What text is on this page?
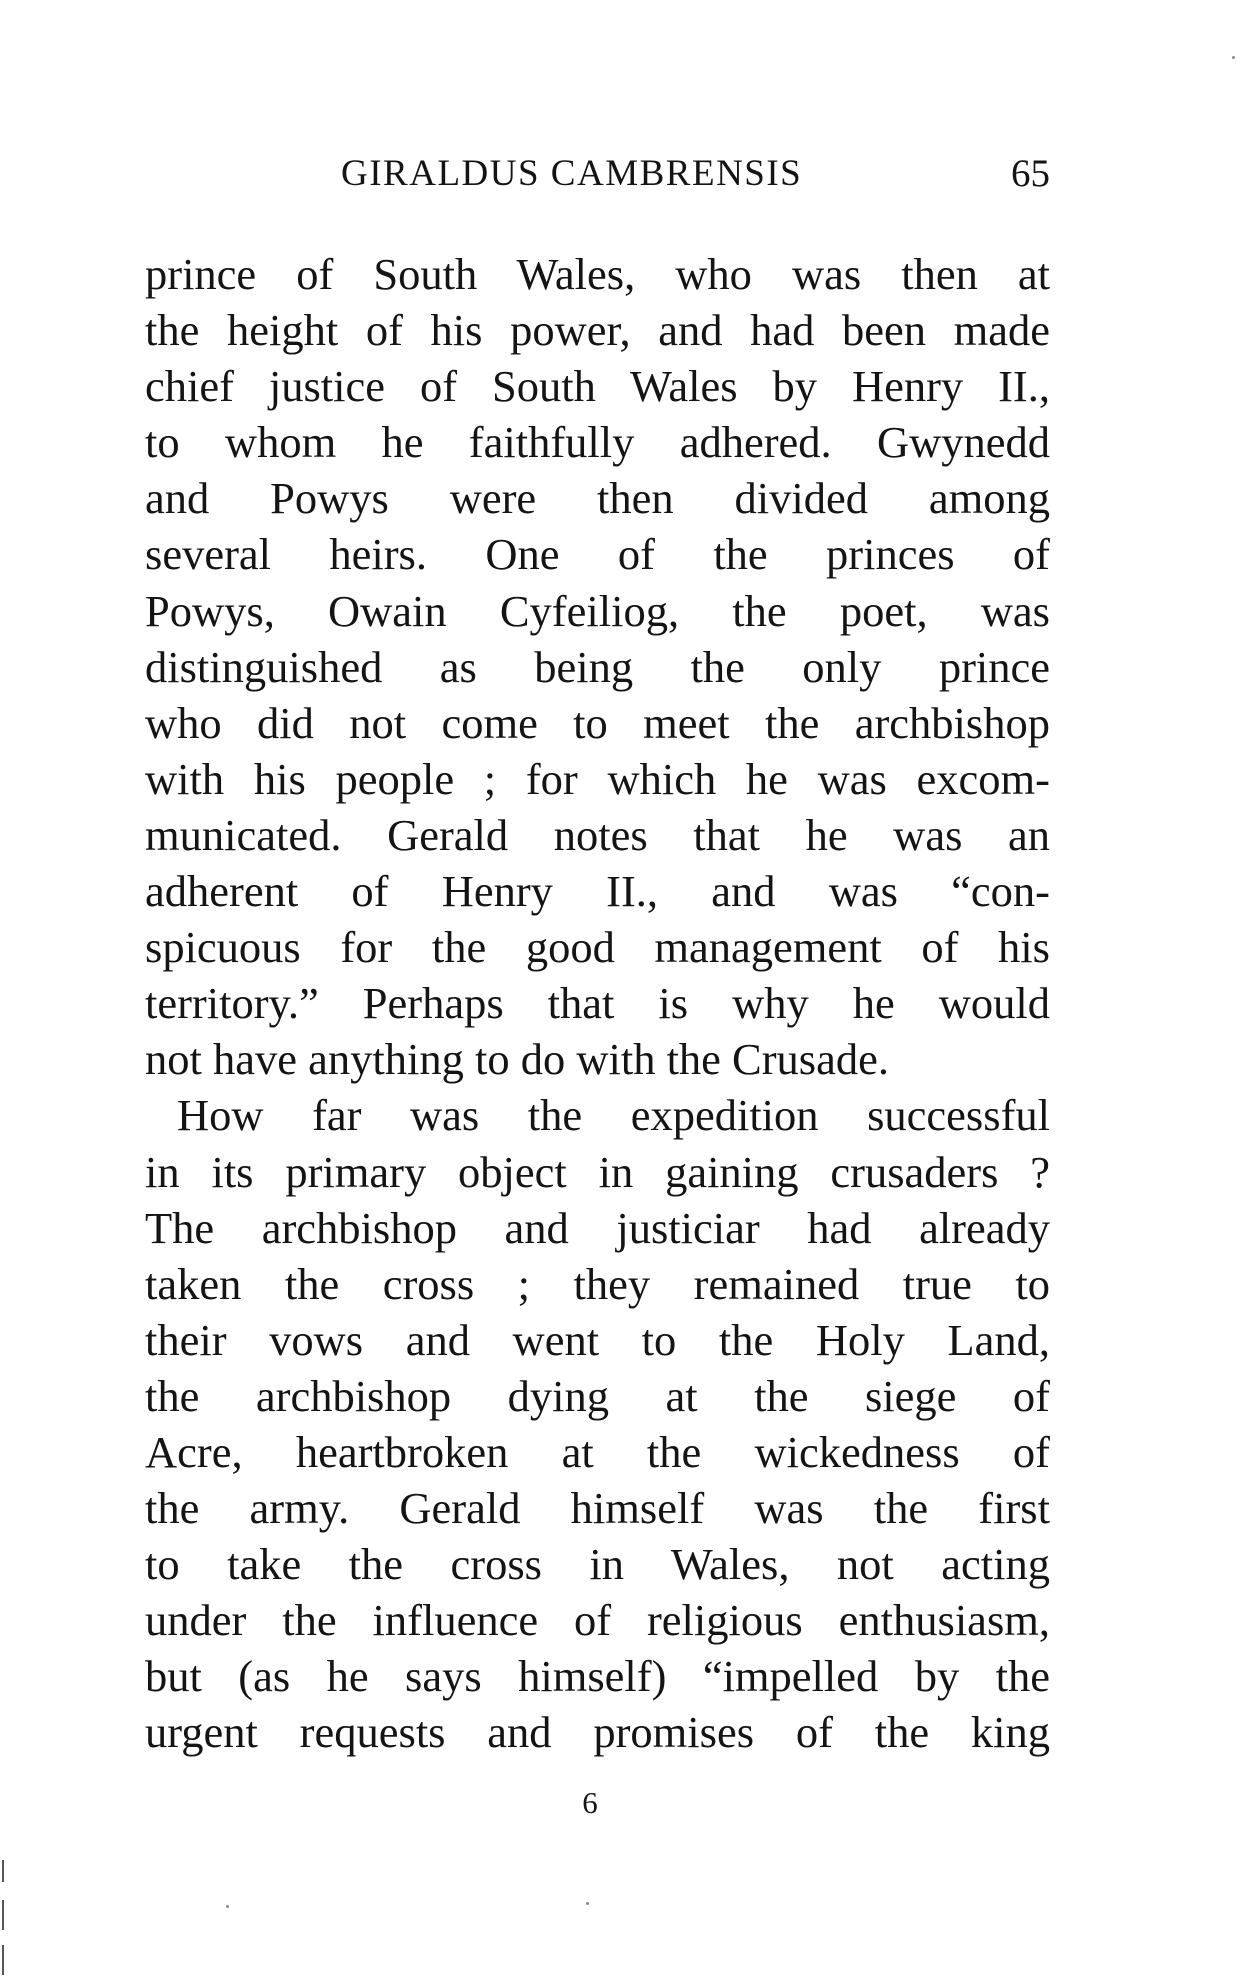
GIRALDUS CAMBRENSIS	65
prince of South Wales, who was then at
the height of his power, and had been made
chief justice of South Wales by Henry II.,
to whom he faithfully adhered. Gwynedd
and Powys were then divided among
several heirs. One of the princes of
Powys, Owain Cyfeiliog, the poet, was
distinguished as being the only prince
who did not come to meet the archbishop
with his people ; for which he was excom-
municated. Gerald notes that he was an
adherent of Henry II., and was “con-
spicuous for the good management of his
territory.” Perhaps that is why he would
not have anything to do with the Crusade.
How far was the expedition successful
in its primary object in gaining crusaders ?
The archbishop and justiciar had already
taken the cross ; they remained true to
their vows and went to the Holy Land,
the archbishop dying at the siege of
Acre, heartbroken at the wickedness of
the army. Gerald himself was the first
to take the cross in Wales, not acting
under the influence of religious enthusiasm,
but (as he says himself) “impelled by the
urgent requests and promises of the king
6
